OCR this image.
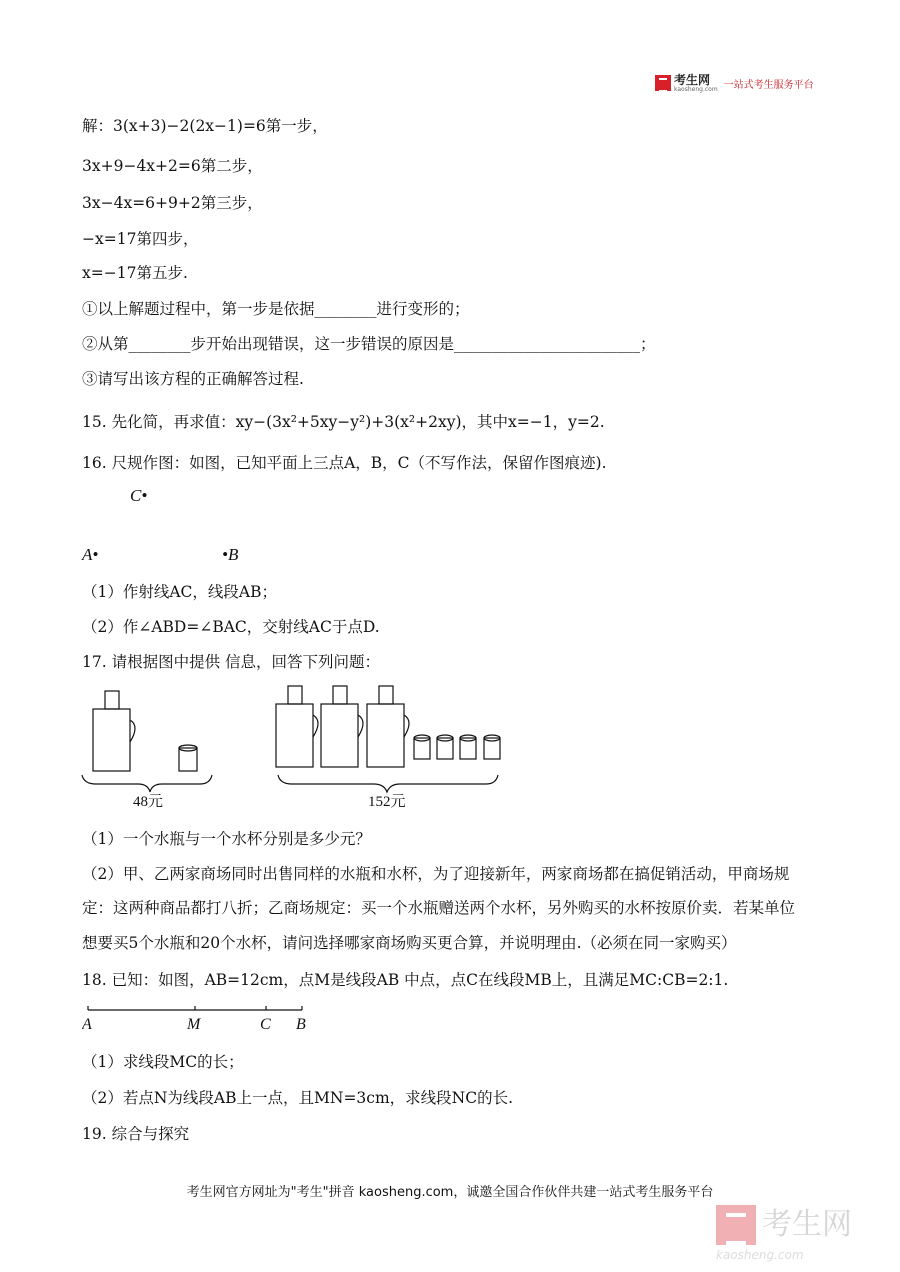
考生网
kaosheng.com 一站式考生服务平台
解：3(x+3)−2(2x−1)=6第一步，
3x+9−4x+2=6第二步，
3x−4x=6+9+2第三步，
−x=17第四步，
x=−17第五步.
①以上解题过程中，第一步是依据________进行变形的；
②从第________步开始出现错误，这一步错误的原因是________________________；
③请写出该方程的正确解答过程.
15. 先化简，再求值：xy−(3x²+5xy−y²)+3(x²+2xy)，其中x=−1，y=2.
16. 尺规作图：如图，已知平面上三点A，B，C（不写作法，保留作图痕迹).
C•
A•	•B
（1）作射线AC，线段AB；
（2）作∠ABD=∠BAC，交射线AC于点D.
17. 请根据图中提供 信息，回答下列问题：
48元	152元
（1）一个水瓶与一个水杯分别是多少元？
（2）甲、乙两家商场同时出售同样的水瓶和水杯，为了迎接新年，两家商场都在搞促销活动，甲商场规
定：这两种商品都打八折；乙商场规定：买一个水瓶赠送两个水杯，另外购买的水杯按原价卖．若某单位
想要买5个水瓶和20个水杯，请问选择哪家商场购买更合算，并说明理由.（必须在同一家购买）
18. 已知：如图，AB=12cm，点M是线段AB 中点，点C在线段MB上，且满足MC:CB=2:1.
A	M	C B
（1）求线段MC的长；
（2）若点N为线段AB上一点，且MN=3cm，求线段NC的长.
19. 综合与探究
考生网官方网址为"考生"拼音 kaosheng.com，诚邀全国合作伙伴共建一站式考生服务平台
考生网
kaosheng.com
